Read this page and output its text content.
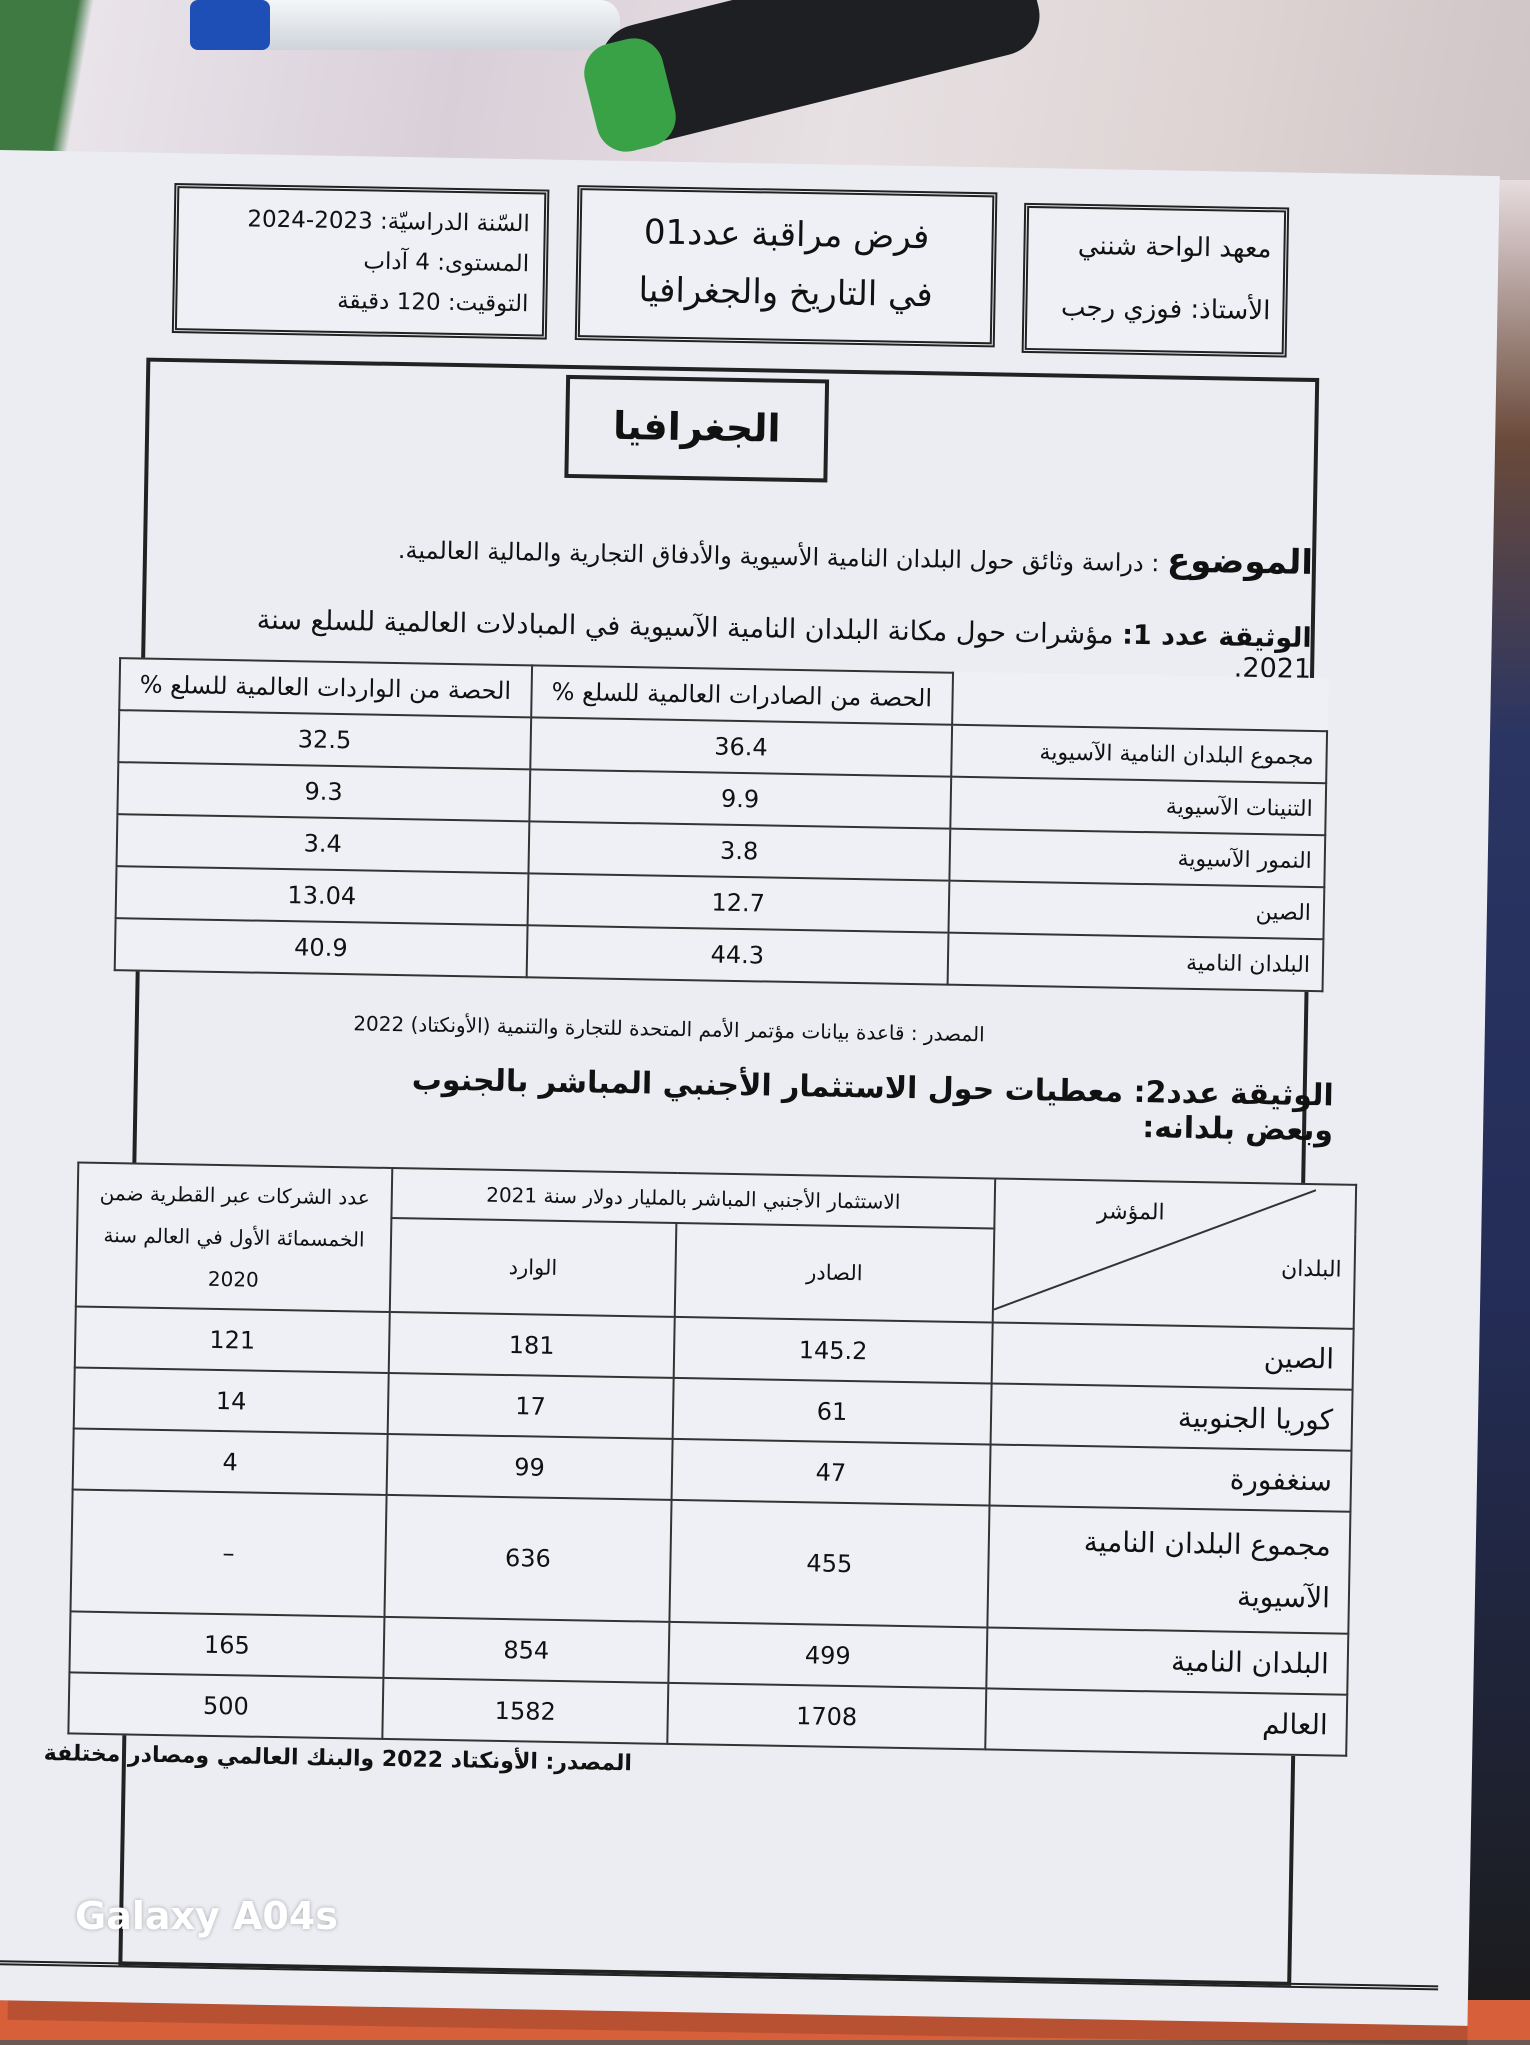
معهد الواحة شنني
الأستاذ: فوزي رجب
فرض مراقبة عدد01
في التاريخ والجغرافيا
السّنة الدراسيّة: 2023-2024
المستوى: 4 آداب
التوقيت: 120 دقيقة
الجغرافيا
الموضوع : دراسة وثائق حول البلدان النامية الأسيوية والأدفاق التجارية والمالية العالمية.
الوثيقة عدد 1: مؤشرات حول مكانة البلدان النامية الآسيوية في المبادلات العالمية للسلع سنة 2021.
	الحصة من الصادرات العالمية للسلع %	الحصة من الواردات العالمية للسلع %
مجموع البلدان النامية الآسيوية	36.4	32.5
التنينات الآسيوية	9.9	9.3
النمور الآسيوية	3.8	3.4
الصين	12.7	13.04
البلدان النامية	44.3	40.9
المصدر : قاعدة بيانات مؤتمر الأمم المتحدة للتجارة والتنمية (الأونكتاد) 2022
الوثيقة عدد2: معطيات حول الاستثمار الأجنبي المباشر بالجنوب وبعض بلدانه:
المؤشر
البلدان	الاستثمار الأجنبي المباشر بالمليار دولار سنة 2021		عدد الشركات عبر القطرية ضمن الخمسمائة الأول في العالم سنة 2020
	الصادر	الوارد	
الصين	145.2	181	121
كوريا الجنوبية	61	17	14
سنغفورة	47	99	4
مجموع البلدان النامية الآسيوية	455	636	–
البلدان النامية	499	854	165
العالم	1708	1582	500
المصدر: الأونكتاد 2022 والبنك العالمي ومصادر مختلفة
Galaxy A04s
